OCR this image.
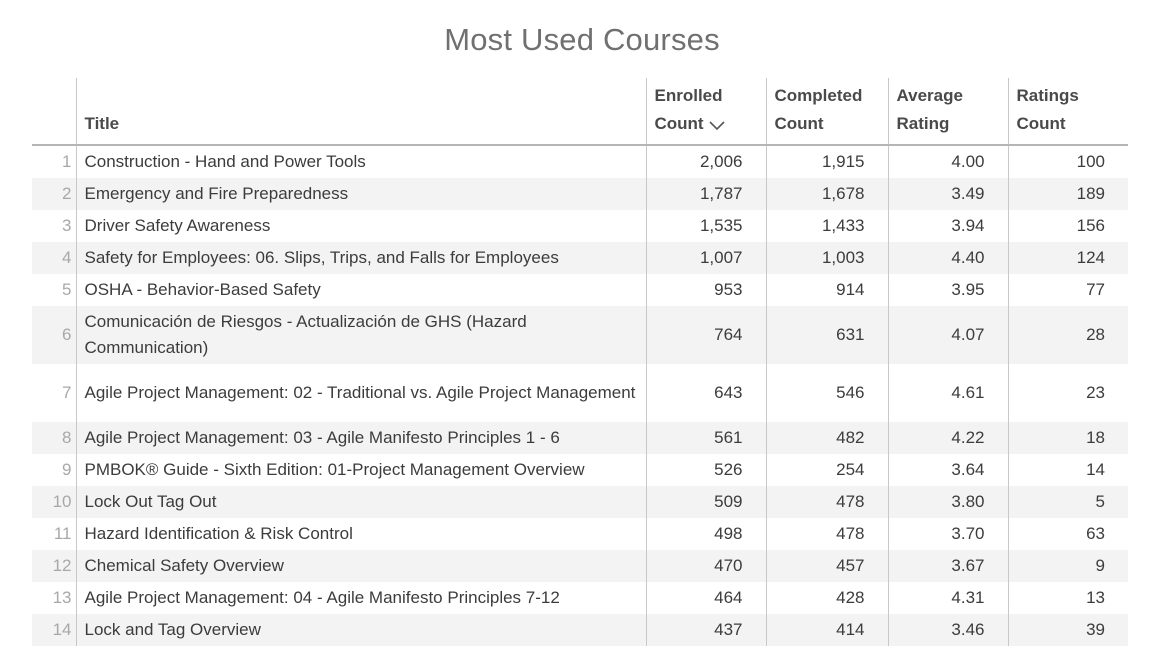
Most Used Courses
	Title	Enrolled Count	Completed Count	Average Rating	Ratings Count
1	Construction - Hand and Power Tools	2,006	1,915	4.00	100
2	Emergency and Fire Preparedness	1,787	1,678	3.49	189
3	Driver Safety Awareness	1,535	1,433	3.94	156
4	Safety for Employees: 06. Slips, Trips, and Falls for Employees	1,007	1,003	4.40	124
5	OSHA - Behavior-Based Safety	953	914	3.95	77
6	Comunicación de Riesgos - Actualización de GHS (Hazard Communication)	764	631	4.07	28
7	Agile Project Management: 02 - Traditional vs. Agile Project Management	643	546	4.61	23
8	Agile Project Management: 03 - Agile Manifesto Principles 1 - 6	561	482	4.22	18
9	PMBOK® Guide - Sixth Edition: 01-Project Management Overview	526	254	3.64	14
10	Lock Out Tag Out	509	478	3.80	5
11	Hazard Identification & Risk Control	498	478	3.70	63
12	Chemical Safety Overview	470	457	3.67	9
13	Agile Project Management: 04 - Agile Manifesto Principles 7-12	464	428	4.31	13
14	Lock and Tag Overview	437	414	3.46	39
